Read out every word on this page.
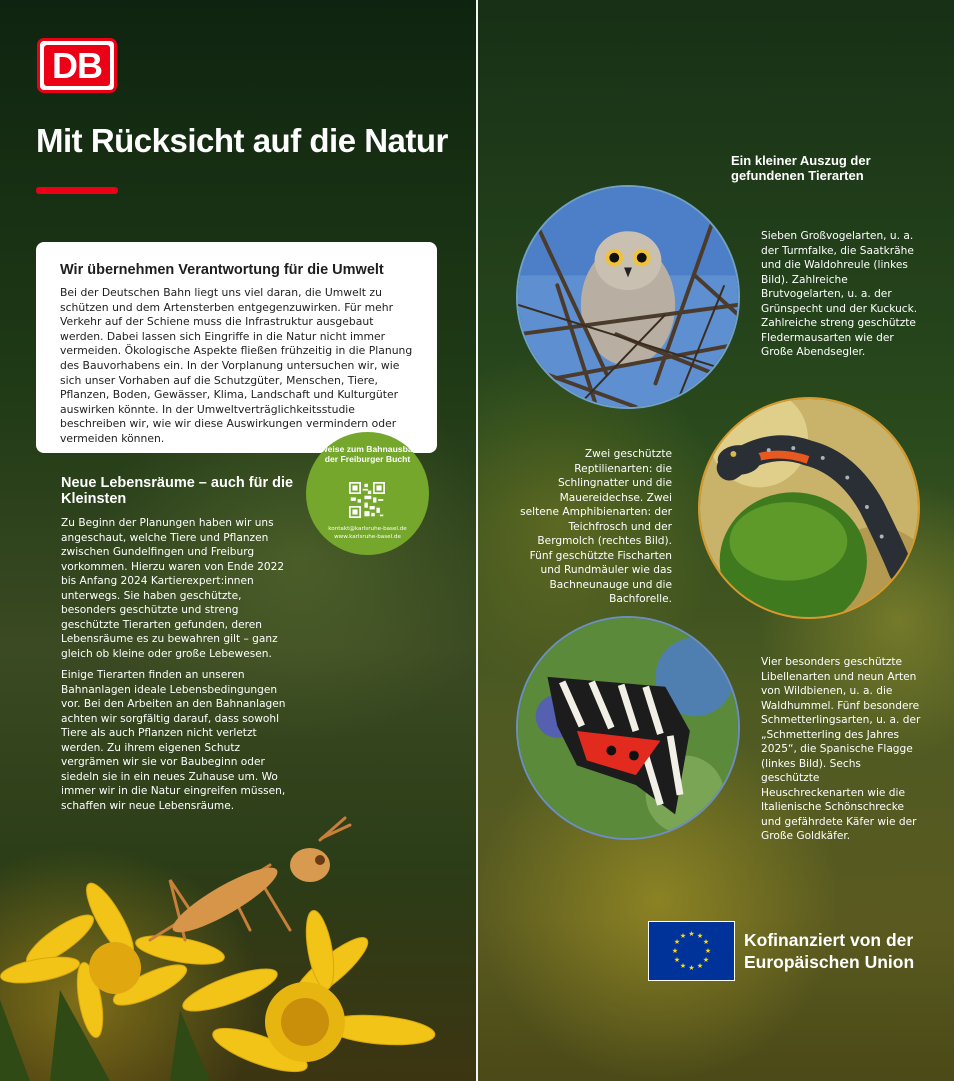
DB
Mit Rücksicht auf die Natur
Wir übernehmen Verantwortung für die Umwelt

Bei der Deutschen Bahn liegt uns viel daran, die Umwelt zu schützen und dem Artensterben entgegenzuwirken. Für mehr Verkehr auf der Schiene muss die Infrastruktur ausgebaut werden. Dabei lassen sich Eingriffe in die Natur nicht immer vermeiden. Ökologische Aspekte fließen frühzeitig in die Planung des Bauvorhabens ein. In der Vorplanung untersuchen wir, wie sich unser Vorhaben auf die Schutzgüter, Menschen, Tiere, Pflanzen, Boden, Gewässer, Klima, Landschaft und Kulturgüter auswirken könnte. In der Umweltverträglichkeitsstudie beschreiben wir, wie wir diese Auswirkungen vermindern oder vermeiden können.

Hinweise zum Bahnausbau in der Freiburger Bucht
kontakt@karlsruhe-basel.de
www.karlsruhe-basel.de
Neue Lebensräume – auch für die Kleinsten

Zu Beginn der Planungen haben wir uns angeschaut, welche Tiere und Pflanzen zwischen Gundelfingen und Freiburg vorkommen. Hierzu waren von Ende 2022 bis Anfang 2024 Kartierexpert:innen unterwegs. Sie haben geschützte, besonders geschützte und streng geschützte Tierarten gefunden, deren Lebensräume es zu bewahren gilt – ganz gleich ob kleine oder große Lebewesen.

Einige Tierarten finden an unseren Bahnanlagen ideale Lebensbedingungen vor. Bei den Arbeiten an den Bahnanlagen achten wir sorgfältig darauf, dass sowohl Tiere als auch Pflanzen nicht verletzt werden. Zu ihrem eigenen Schutz vergrämen wir sie vor Baubeginn oder siedeln sie in ein neues Zuhause um. Wo immer wir in die Natur eingreifen müssen, schaffen wir neue Lebensräume.

Ein kleiner Auszug der gefundenen Tierarten
Sieben Großvogelarten, u. a. der Turmfalke, die Saatkrähe und die Waldohreule (linkes Bild). Zahlreiche Brutvogelarten, u. a. der Grünspecht und der Kuckuck. Zahlreiche streng geschützte Fledermausarten wie der Große Abendsegler.
Zwei geschützte Reptilienarten: die Schlingnatter und die Mauereidechse. Zwei seltene Amphibienarten: der Teichfrosch und der Bergmolch (rechtes Bild). Fünf geschützte Fischarten und Rundmäuler wie das Bachneunauge und die Bachforelle.
Vier besonders geschützte Libellenarten und neun Arten von Wildbienen, u. a. die Waldhummel. Fünf besondere Schmetterlingsarten, u. a. der „Schmetterling des Jahres 2025“, die Spanische Flagge (linkes Bild). Sechs geschützte Heuschreckenarten wie die Italienische Schönschrecke und gefährdete Käfer wie der Große Goldkäfer.
★ ★
★
★
★
★
★
★
★
★
★
★	Kofinanziert von der
Europäischen Union
